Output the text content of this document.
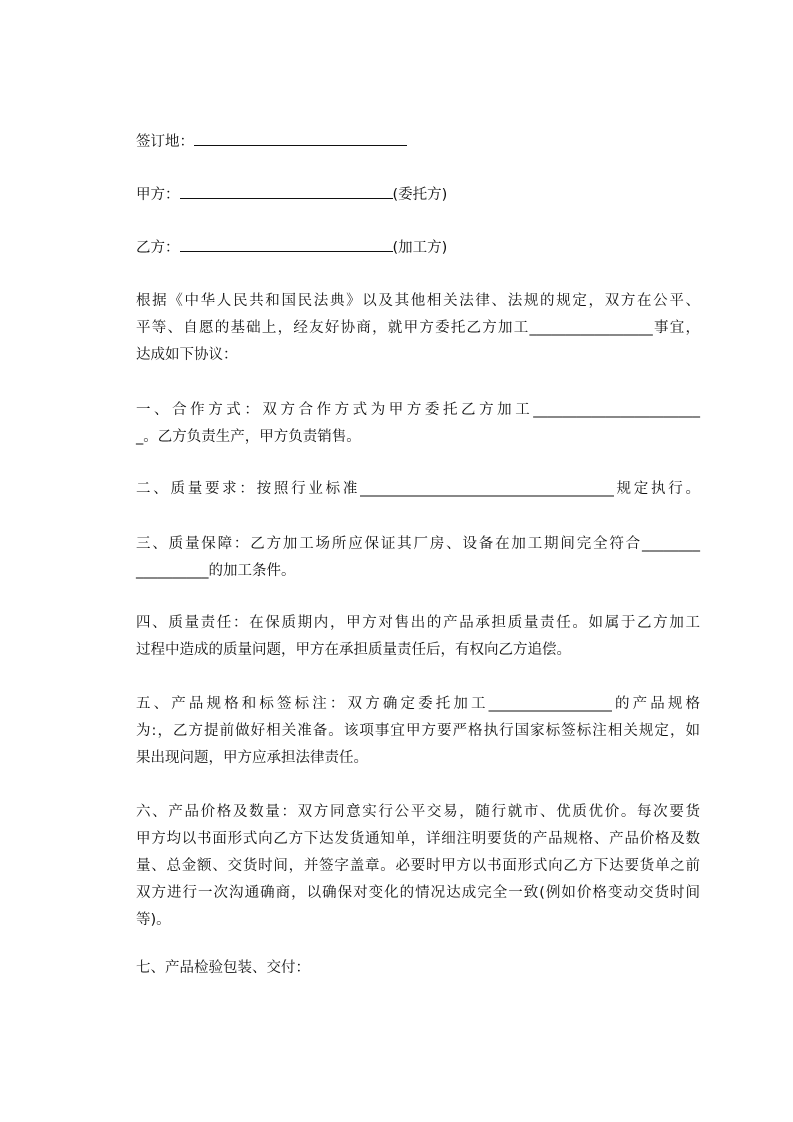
签订地：
甲方：	(委托方)
乙方：	(加工方)
根据《中华人民共和国民法典》以及其他相关法律、法规的规定，双方在公平、
平等、自愿的基础上，经友好协商，就甲方委托乙方加工_________________事宜，
达成如下协议：
一、合作方式：双方合作方式为甲方委托乙方加工_______________________
_。乙方负责生产，甲方负责销售。
二、质量要求：按照行业标准___________________________________规定执行。
三、质量保障：乙方加工场所应保证其厂房、设备在加工期间完全符合________
__________的加工条件。
四、质量责任：在保质期内，甲方对售出的产品承担质量责任。如属于乙方加工
过程中造成的质量问题，甲方在承担质量责任后，有权向乙方追偿。
五、产品规格和标签标注：双方确定委托加工_________________的产品规格
为:，乙方提前做好相关准备。该项事宜甲方要严格执行国家标签标注相关规定，如
果出现问题，甲方应承担法律责任。
六、产品价格及数量：双方同意实行公平交易，随行就市、优质优价。每次要货
甲方均以书面形式向乙方下达发货通知单，详细注明要货的产品规格、产品价格及数
量、总金额、交货时间，并签字盖章。必要时甲方以书面形式向乙方下达要货单之前
双方进行一次沟通确商，以确保对变化的情况达成完全一致(例如价格变动交货时间
等)。
七、产品检验包装、交付：
